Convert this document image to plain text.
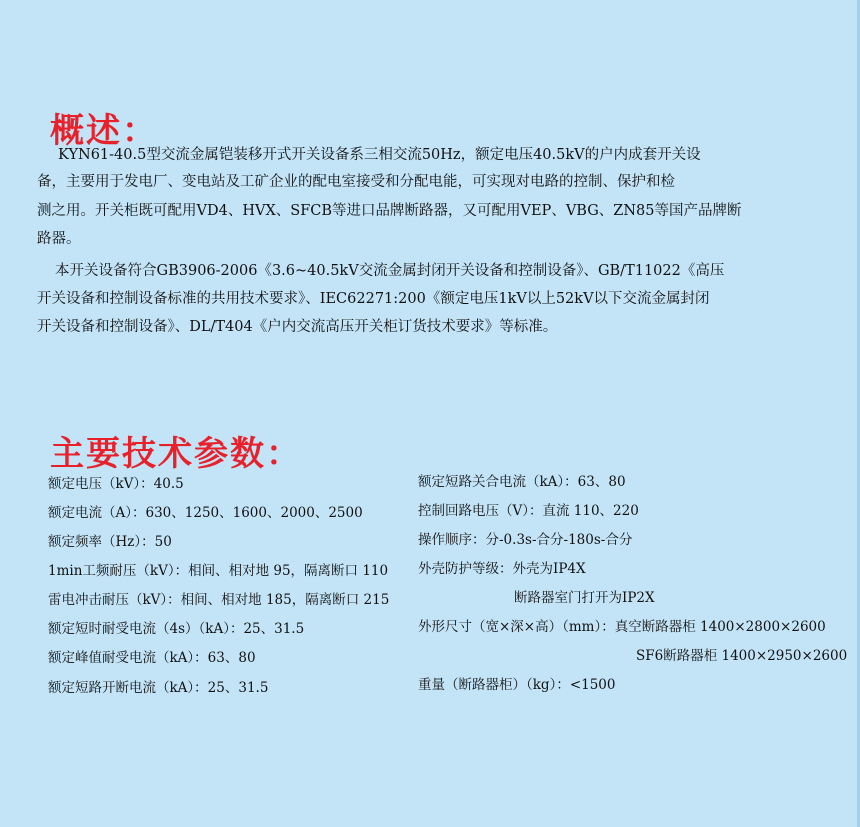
概述：
KYN61-40.5型交流金属铠装移开式开关设备系三相交流50Hz，额定电压40.5kV的户内成套开关设
备，主要用于发电厂、变电站及工矿企业的配电室接受和分配电能，可实现对电路的控制、保护和检
测之用。开关柜既可配用VD4、HVX、SFCB等进口品牌断路器，又可配用VEP、VBG、ZN85等国产品牌断
路器。
本开关设备符合GB3906-2006《3.6~40.5kV交流金属封闭开关设备和控制设备》、GB/T11022《高压
开关设备和控制设备标准的共用技术要求》、IEC62271:200《额定电压1kV以上52kV以下交流金属封闭
开关设备和控制设备》、DL/T404《户内交流高压开关柜订货技术要求》等标准。
主要技术参数：
额定电压（kV）：40.5
额定电流（A）：630、1250、1600、2000、2500
额定频率（Hz）：50
1min工频耐压（kV）：相间、相对地 95，隔离断口 110
雷电冲击耐压（kV）：相间、相对地 185，隔离断口 215
额定短时耐受电流（4s）（kA）：25、31.5
额定峰值耐受电流（kA）：63、80
额定短路开断电流（kA）：25、31.5
额定短路关合电流（kA）：63、80
控制回路电压（V）：直流 110、220
操作顺序：分-0.3s-合分-180s-合分
外壳防护等级：外壳为IP4X
断路器室门打开为IP2X
外形尺寸（宽×深×高）（mm）：真空断路器柜 1400×2800×2600
SF6断路器柜 1400×2950×2600
重量（断路器柜）（kg）：<1500
